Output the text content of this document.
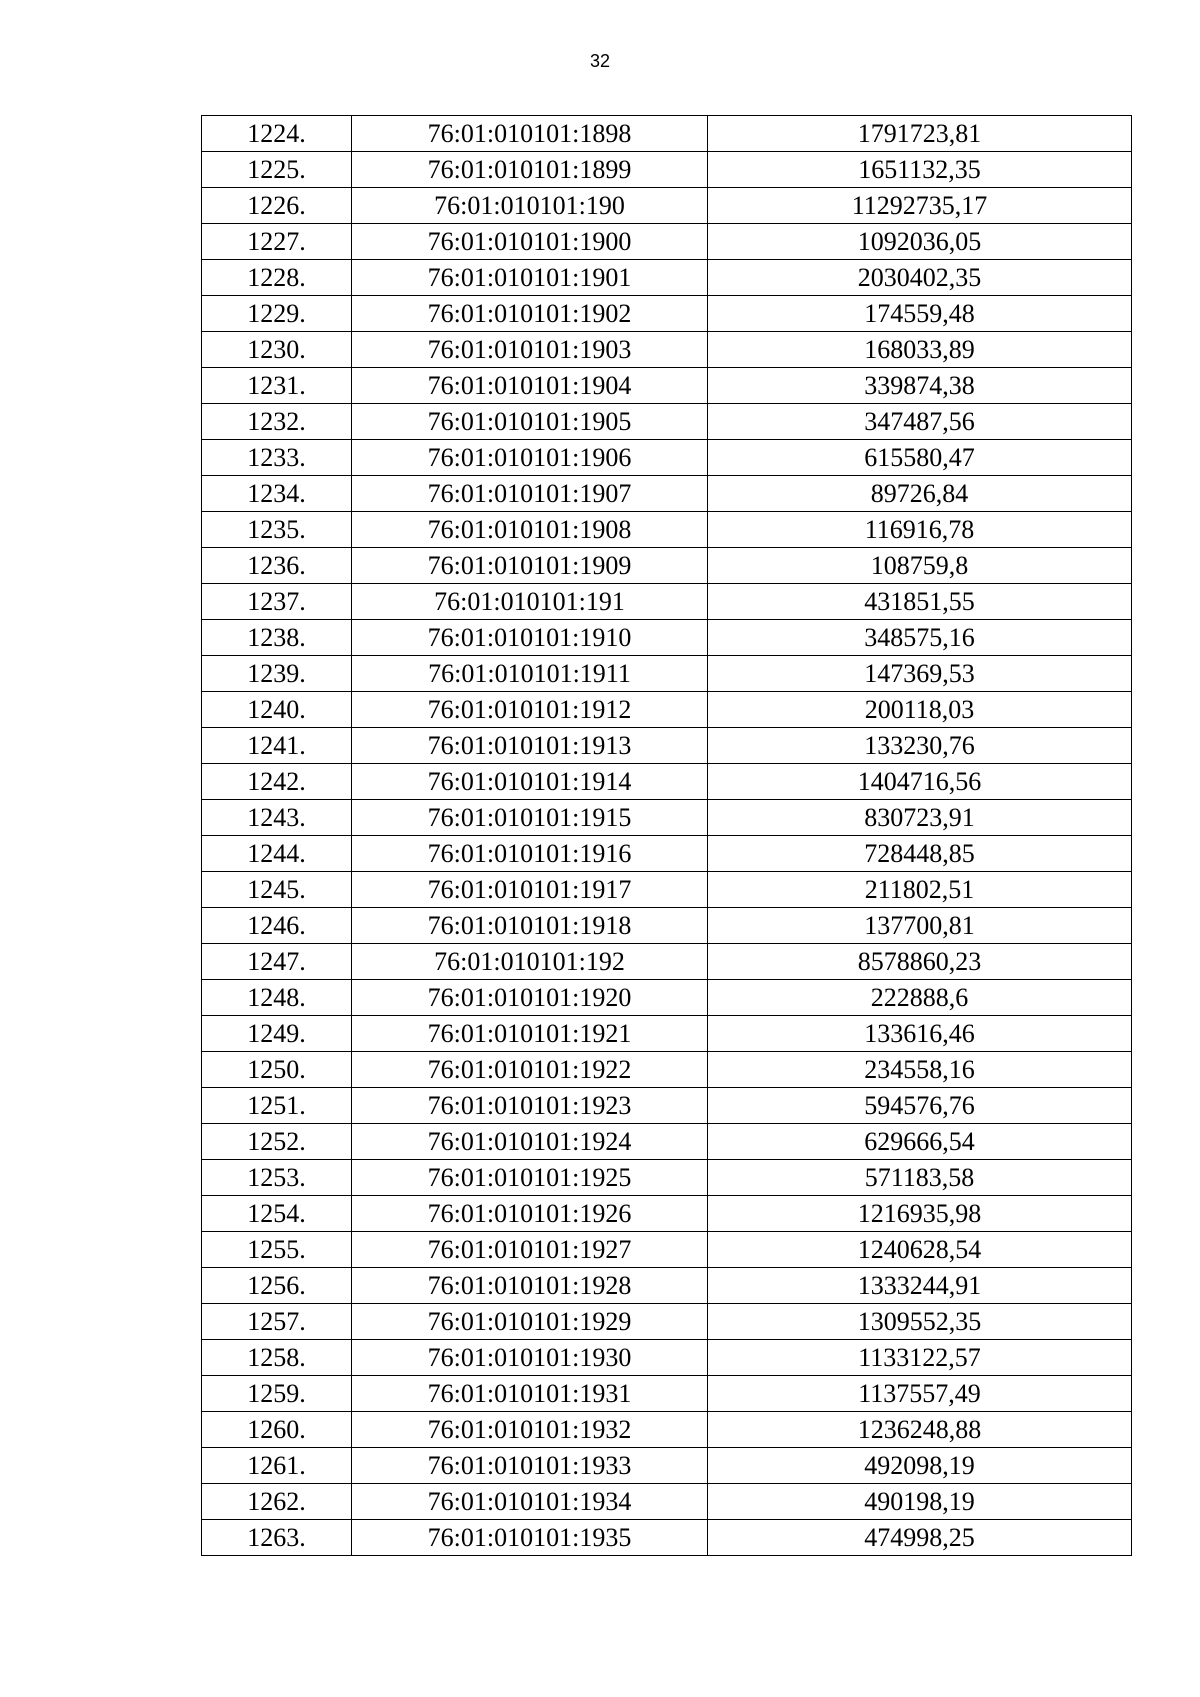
32
1224.	76:01:010101:1898	1791723,81
1225.	76:01:010101:1899	1651132,35
1226.	76:01:010101:190	11292735,17
1227.	76:01:010101:1900	1092036,05
1228.	76:01:010101:1901	2030402,35
1229.	76:01:010101:1902	174559,48
1230.	76:01:010101:1903	168033,89
1231.	76:01:010101:1904	339874,38
1232.	76:01:010101:1905	347487,56
1233.	76:01:010101:1906	615580,47
1234.	76:01:010101:1907	89726,84
1235.	76:01:010101:1908	116916,78
1236.	76:01:010101:1909	108759,8
1237.	76:01:010101:191	431851,55
1238.	76:01:010101:1910	348575,16
1239.	76:01:010101:1911	147369,53
1240.	76:01:010101:1912	200118,03
1241.	76:01:010101:1913	133230,76
1242.	76:01:010101:1914	1404716,56
1243.	76:01:010101:1915	830723,91
1244.	76:01:010101:1916	728448,85
1245.	76:01:010101:1917	211802,51
1246.	76:01:010101:1918	137700,81
1247.	76:01:010101:192	8578860,23
1248.	76:01:010101:1920	222888,6
1249.	76:01:010101:1921	133616,46
1250.	76:01:010101:1922	234558,16
1251.	76:01:010101:1923	594576,76
1252.	76:01:010101:1924	629666,54
1253.	76:01:010101:1925	571183,58
1254.	76:01:010101:1926	1216935,98
1255.	76:01:010101:1927	1240628,54
1256.	76:01:010101:1928	1333244,91
1257.	76:01:010101:1929	1309552,35
1258.	76:01:010101:1930	1133122,57
1259.	76:01:010101:1931	1137557,49
1260.	76:01:010101:1932	1236248,88
1261.	76:01:010101:1933	492098,19
1262.	76:01:010101:1934	490198,19
1263.	76:01:010101:1935	474998,25
